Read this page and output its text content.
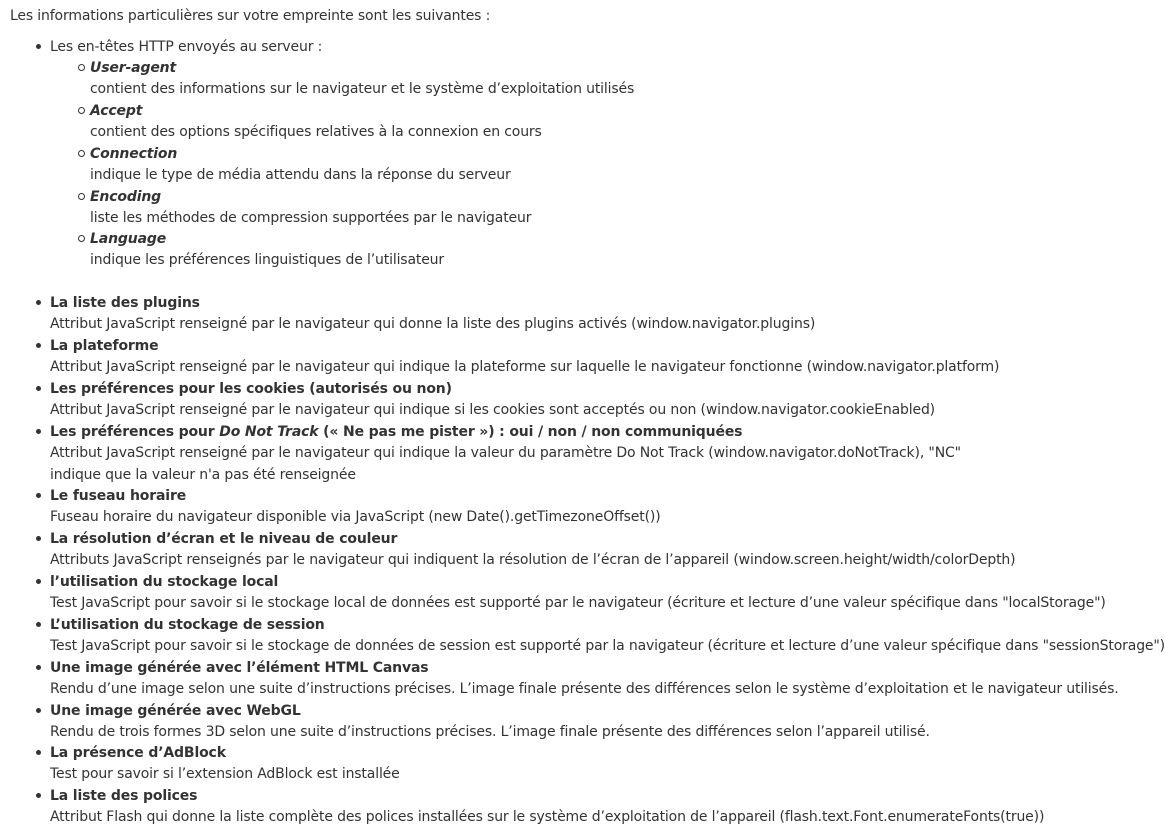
Les informations particulières sur votre empreinte sont les suivantes :
Les en-têtes HTTP envoyés au serveur :
User-agent
contient des informations sur le navigateur et le système d’exploitation utilisés
Accept
contient des options spécifiques relatives à la connexion en cours
Connection
indique le type de média attendu dans la réponse du serveur
Encoding
liste les méthodes de compression supportées par le navigateur
Language
indique les préférences linguistiques de l’utilisateur
La liste des plugins
Attribut JavaScript renseigné par le navigateur qui donne la liste des plugins activés (window.navigator.plugins)
La plateforme
Attribut JavaScript renseigné par le navigateur qui indique la plateforme sur laquelle le navigateur fonctionne (window.navigator.platform)
Les préférences pour les cookies (autorisés ou non)
Attribut JavaScript renseigné par le navigateur qui indique si les cookies sont acceptés ou non (window.navigator.cookieEnabled)
Les préférences pour Do Not Track (« Ne pas me pister ») : oui / non / non communiquées
Attribut JavaScript renseigné par le navigateur qui indique la valeur du paramètre Do Not Track (window.navigator.doNotTrack), "NC" indique que la valeur n'a pas été renseignée
Le fuseau horaire
Fuseau horaire du navigateur disponible via JavaScript (new Date().getTimezoneOffset())
La résolution d’écran et le niveau de couleur
Attributs JavaScript renseignés par le navigateur qui indiquent la résolution de l’écran de l’appareil (window.screen.height/width/colorDepth)
l’utilisation du stockage local
Test JavaScript pour savoir si le stockage local de données est supporté par le navigateur (écriture et lecture d’une valeur spécifique dans "localStorage")
L’utilisation du stockage de session
Test JavaScript pour savoir si le stockage de données de session est supporté par la navigateur (écriture et lecture d’une valeur spécifique dans "sessionStorage")
Une image générée avec l’élément HTML Canvas
Rendu d’une image selon une suite d’instructions précises. L’image finale présente des différences selon le système d’exploitation et le navigateur utilisés.
Une image générée avec WebGL
Rendu de trois formes 3D selon une suite d’instructions précises. L’image finale présente des différences selon l’appareil utilisé.
La présence d’AdBlock
Test pour savoir si l’extension AdBlock est installée
La liste des polices
Attribut Flash qui donne la liste complète des polices installées sur le système d’exploitation de l’appareil (flash.text.Font.enumerateFonts(true))
